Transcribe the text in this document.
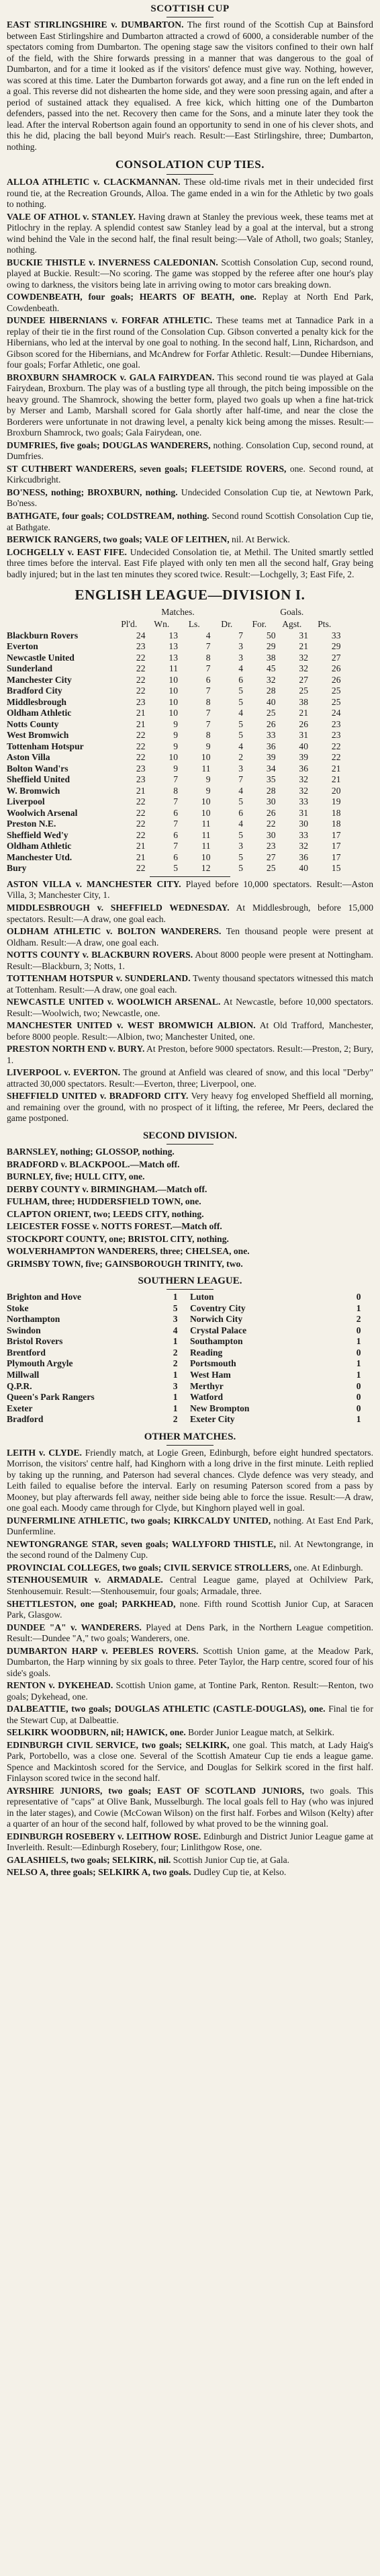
SCOTTISH CUP

EAST STIRLINGSHIRE v. DUMBARTON. The first round of the Scottish Cup at Bainsford between East Stirlingshire and Dumbarton attracted a crowd of 6000, a considerable number of the spectators coming from Dumbarton. The opening stage saw the visitors confined to their own half of the field, with the Shire forwards pressing in a manner that was dangerous to the goal of Dumbarton, and for a time it looked as if the visitors' defence must give way. Nothing, however, was scored at this time. Later the Dumbarton forwards got away, and a fine run on the left ended in a goal. This reverse did not dishearten the home side, and they were soon pressing again, and after a period of sustained attack they equalised. A free kick, which hitting one of the Dumbarton defenders, passed into the net. Recovery then came for the Sons, and a minute later they took the lead. After the interval Robertson again found an opportunity to send in one of his clever shots, and this he did, placing the ball beyond Muir's reach. Result:—East Stirlingshire, three; Dumbarton, nothing.

CONSOLATION CUP TIES.

ALLOA ATHLETIC v. CLACKMANNAN. These old-time rivals met in their undecided first round tie, at the Recreation Grounds, Alloa. The game ended in a win for the Athletic by two goals to nothing.

VALE OF ATHOL v. STANLEY. Having drawn at Stanley the previous week, these teams met at Pitlochry in the replay. A splendid contest saw Stanley lead by a goal at the interval, but a strong wind behind the Vale in the second half, the final result being:—Vale of Atholl, two goals; Stanley, nothing.

BUCKIE THISTLE v. INVERNESS CALEDONIAN. Scottish Consolation Cup, second round, played at Buckie. Result:—No scoring. The game was stopped by the referee after one hour's play owing to darkness, the visitors being late in arriving owing to motor cars breaking down.

COWDENBEATH, four goals; HEARTS OF BEATH, one. Replay at North End Park, Cowdenbeath.

DUNDEE HIBERNIANS v. FORFAR ATHLETIC. These teams met at Tannadice Park in a replay of their tie in the first round of the Consolation Cup. Gibson converted a penalty kick for the Hibernians, who led at the interval by one goal to nothing. In the second half, Linn, Richardson, and Gibson scored for the Hibernians, and McAndrew for Forfar Athletic. Result:—Dundee Hibernians, four goals; Forfar Athletic, one goal.

BROXBURN SHAMROCK v. GALA FAIRYDEAN. This second round tie was played at Gala Fairydean, Broxburn. The play was of a bustling type all through, the pitch being impossible on the heavy ground. The Shamrock, showing the better form, played two goals up when a fine hat-trick by Merser and Lamb, Marshall scored for Gala shortly after half-time, and near the close the Borderers were unfortunate in not drawing level, a penalty kick being among the misses. Result:—Broxburn Shamrock, two goals; Gala Fairydean, one.

DUMFRIES, five goals; DOUGLAS WANDERERS, nothing. Consolation Cup, second round, at Dumfries.

ST CUTHBERT WANDERERS, seven goals; FLEETSIDE ROVERS, one. Second round, at Kirkcudbright.

BO'NESS, nothing; BROXBURN, nothing. Undecided Consolation Cup tie, at Newtown Park, Bo'ness.

BATHGATE, four goals; COLDSTREAM, nothing. Second round Scottish Consolation Cup tie, at Bathgate.

BERWICK RANGERS, two goals; VALE OF LEITHEN, nil. At Berwick.

LOCHGELLY v. EAST FIFE. Undecided Consolation tie, at Methil. The United smartly settled three times before the interval. East Fife played with only ten men all the second half, Gray being badly injured; but in the last ten minutes they scored twice. Result:—Lochgelly, 3; East Fife, 2.

ENGLISH LEAGUE—DIVISION I.
Matches.	Goals.
Pl'd.	Wn.	Ls.	Dr.	For.	Agst.	Pts.
Blackburn Rovers	24	13	4	7	50	31	33
Everton	23	13	7	3	29	21	29
Newcastle United	22	13	8	3	38	32	27
Sunderland	22	11	7	4	45	32	26
Manchester City	22	10	6	6	32	27	26
Bradford City	22	10	7	5	28	25	25
Middlesbrough	23	10	8	5	40	38	25
Oldham Athletic	21	10	7	4	25	21	24
Notts County	21	9	7	5	26	26	23
West Bromwich	22	9	8	5	33	31	23
Tottenham Hotspur	22	9	9	4	36	40	22
Aston Villa	22	10	10	2	39	39	22
Bolton Wand'rs	23	9	11	3	34	36	21
Sheffield United	23	7	9	7	35	32	21
W. Bromwich	21	8	9	4	28	32	20
Liverpool	22	7	10	5	30	33	19
Woolwich Arsenal	22	6	10	6	26	31	18
Preston N.E.	22	7	11	4	22	30	18
Sheffield Wed'y	22	6	11	5	30	33	17
Oldham Athletic	21	7	11	3	23	32	17
Manchester Utd.	21	6	10	5	27	36	17
Bury	22	5	12	5	25	40	15

ASTON VILLA v. MANCHESTER CITY. Played before 10,000 spectators. Result:—Aston Villa, 3; Manchester City, 1.

MIDDLESBROUGH v. SHEFFIELD WEDNESDAY. At Middlesbrough, before 15,000 spectators. Result:—A draw, one goal each.

OLDHAM ATHLETIC v. BOLTON WANDERERS. Ten thousand people were present at Oldham. Result:—A draw, one goal each.

NOTTS COUNTY v. BLACKBURN ROVERS. About 8000 people were present at Nottingham. Result:—Blackburn, 3; Notts, 1.

TOTTENHAM HOTSPUR v. SUNDERLAND. Twenty thousand spectators witnessed this match at Tottenham. Result:—A draw, one goal each.

NEWCASTLE UNITED v. WOOLWICH ARSENAL. At Newcastle, before 10,000 spectators. Result:—Woolwich, two; Newcastle, one.

MANCHESTER UNITED v. WEST BROMWICH ALBION. At Old Trafford, Manchester, before 8000 people. Result:—Albion, two; Manchester United, one.

PRESTON NORTH END v. BURY. At Preston, before 9000 spectators. Result:—Preston, 2; Bury, 1.

LIVERPOOL v. EVERTON. The ground at Anfield was cleared of snow, and this local "Derby" attracted 30,000 spectators. Result:—Everton, three; Liverpool, one.

SHEFFIELD UNITED v. BRADFORD CITY. Very heavy fog enveloped Sheffield all morning, and remaining over the ground, with no prospect of it lifting, the referee, Mr Peers, declared the game postponed.

SECOND DIVISION.

BARNSLEY, nothing; GLOSSOP, nothing.

BRADFORD v. BLACKPOOL.—Match off.

BURNLEY, five; HULL CITY, one.

DERBY COUNTY v. BIRMINGHAM.—Match off.

FULHAM, three; HUDDERSFIELD TOWN, one.

CLAPTON ORIENT, two; LEEDS CITY, nothing.

LEICESTER FOSSE v. NOTTS FOREST.—Match off.

STOCKPORT COUNTY, one; BRISTOL CITY, nothing.

WOLVERHAMPTON WANDERERS, three; CHELSEA, one.

GRIMSBY TOWN, five; GAINSBOROUGH TRINITY, two.

SOUTHERN LEAGUE.
Brighton and Hove	1	Luton	0
Stoke	5	Coventry City	1
Northampton	3	Norwich City	2
Swindon	4	Crystal Palace	0
Bristol Rovers	1	Southampton	1
Brentford	2	Reading	0
Plymouth Argyle	2	Portsmouth	1
Millwall	1	West Ham	1
Q.P.R.	3	Merthyr	0
Queen's Park Rangers	1	Watford	0
Exeter	1	New Brompton	0
Bradford	2	Exeter City	1
OTHER MATCHES.

LEITH v. CLYDE. Friendly match, at Logie Green, Edinburgh, before eight hundred spectators. Morrison, the visitors' centre half, had Kinghorn with a long drive in the first minute. Leith replied by taking up the running, and Paterson had several chances. Clyde defence was very steady, and Leith failed to equalise before the interval. Early on resuming Paterson scored from a pass by Mooney, but play afterwards fell away, neither side being able to force the issue. Result:—A draw, one goal each. Moody came through for Clyde, but Kinghorn played well in goal.

DUNFERMLINE ATHLETIC, two goals; KIRKCALDY UNITED, nothing. At East End Park, Dunfermline.

NEWTONGRANGE STAR, seven goals; WALLYFORD THISTLE, nil. At Newtongrange, in the second round of the Dalmeny Cup.

PROVINCIAL COLLEGES, two goals; CIVIL SERVICE STROLLERS, one. At Edinburgh.

STENHOUSEMUIR v. ARMADALE. Central League game, played at Ochilview Park, Stenhousemuir. Result:—Stenhousemuir, four goals; Armadale, three.

SHETTLESTON, one goal; PARKHEAD, none. Fifth round Scottish Junior Cup, at Saracen Park, Glasgow.

DUNDEE "A" v. WANDERERS. Played at Dens Park, in the Northern League competition. Result:—Dundee "A," two goals; Wanderers, one.

DUMBARTON HARP v. PEEBLES ROVERS. Scottish Union game, at the Meadow Park, Dumbarton, the Harp winning by six goals to three. Peter Taylor, the Harp centre, scored four of his side's goals.

RENTON v. DYKEHEAD. Scottish Union game, at Tontine Park, Renton. Result:—Renton, two goals; Dykehead, one.

DALBEATTIE, two goals; DOUGLAS ATHLETIC (CASTLE-DOUGLAS), one. Final tie for the Stewart Cup, at Dalbeattie.

SELKIRK WOODBURN, nil; HAWICK, one. Border Junior League match, at Selkirk.

EDINBURGH CIVIL SERVICE, two goals; SELKIRK, one goal. This match, at Lady Haig's Park, Portobello, was a close one. Several of the Scottish Amateur Cup tie ends a league game. Spence and Mackintosh scored for the Service, and Douglas for Selkirk scored in the first half. Finlayson scored twice in the second half.

AYRSHIRE JUNIORS, two goals; EAST OF SCOTLAND JUNIORS, two goals. This representative of "caps" at Olive Bank, Musselburgh. The local goals fell to Hay (who was injured in the later stages), and Cowie (McCowan Wilson) on the first half. Forbes and Wilson (Kelty) after a quarter of an hour of the second half, followed by what proved to be the winning goal.

EDINBURGH ROSEBERY v. LEITHOW ROSE. Edinburgh and District Junior League game at Inverleith. Result:—Edinburgh Rosebery, four; Linlithgow Rose, one.

GALASHIELS, two goals; SELKIRK, nil. Scottish Junior Cup tie, at Gala.

NELSO A, three goals; SELKIRK A, two goals. Dudley Cup tie, at Kelso.
